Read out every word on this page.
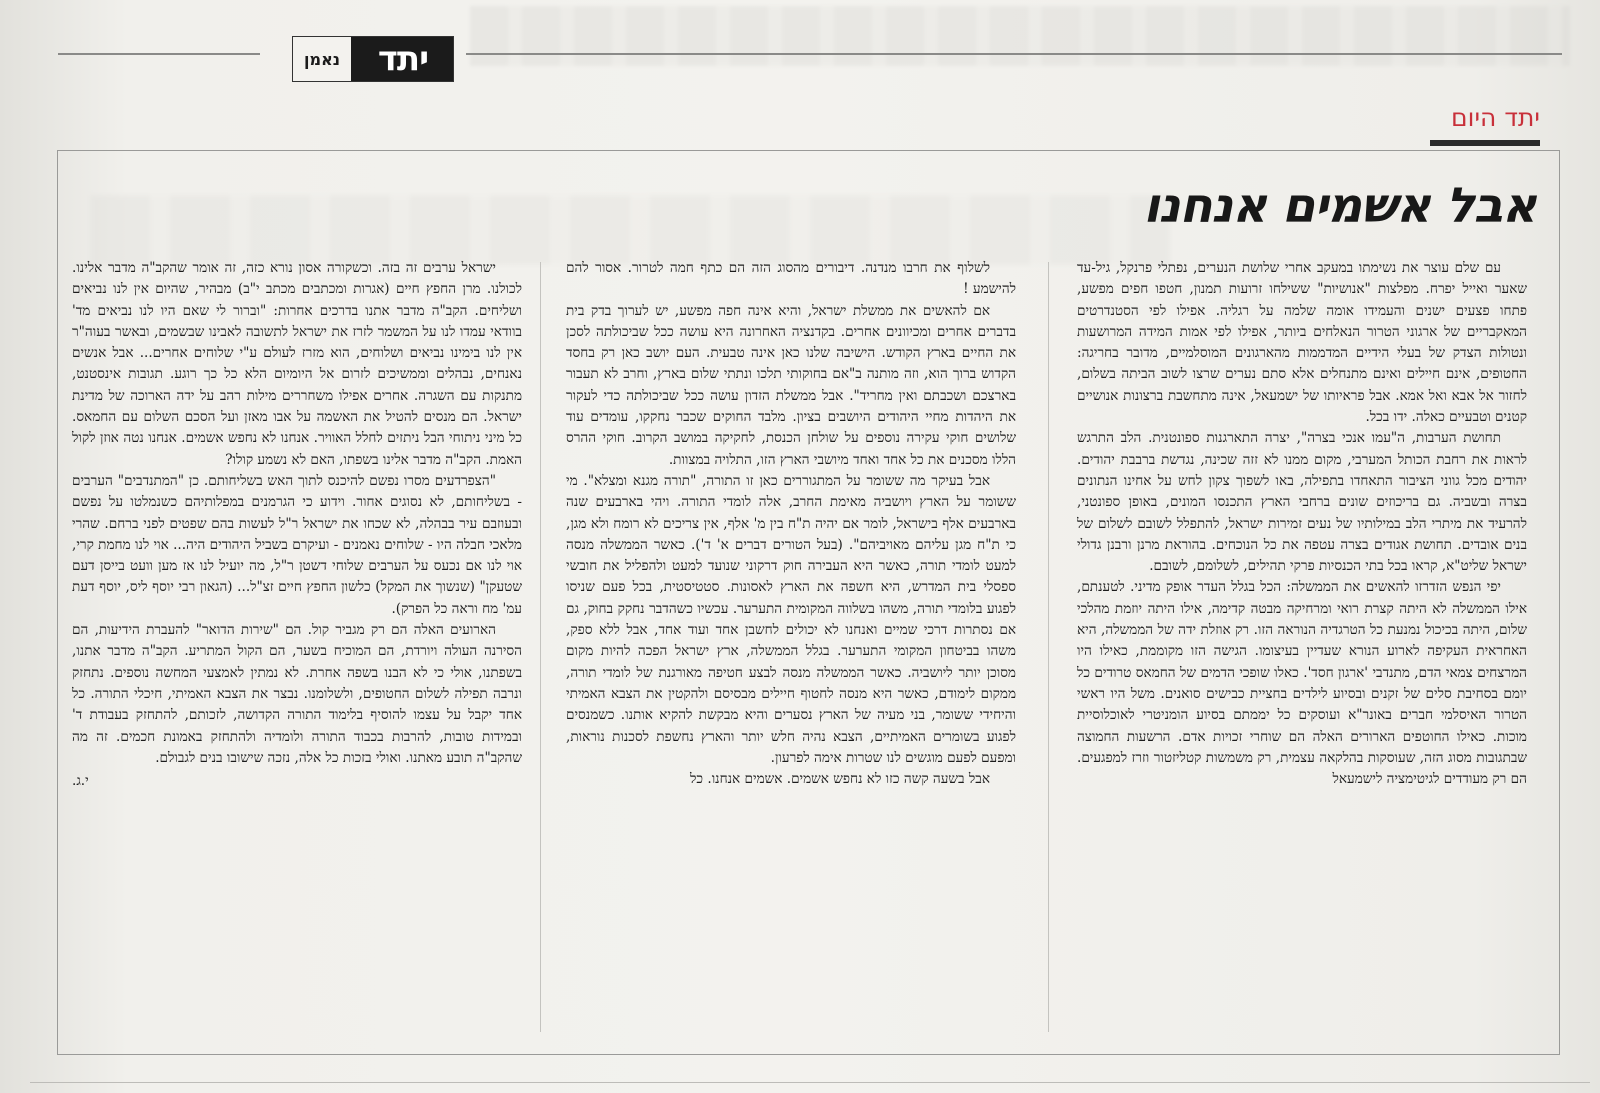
נאמן	יתד
יתד היום
אבל אשמים אנחנו

עם שלם עוצר את נשימתו במעקב אחרי שלושת הנערים, נפתלי פרנקל, גיל-עד שאער ואייל יפרח. מפלצות "אנושיות" ששילחו זרועות תמנון, חטפו חפים מפשע, פתחו פצעים ישנים והעמידו אומה שלמה על רגליה. אפילו לפי הסטנדרטים המאקבריים של ארגוני הטרור הנאלחים ביותר, אפילו לפי אמות המידה המרושעות ונטולות הצדק של בעלי הידיים המדממות מהארגונים המוסלמיים, מדובר בחריגה: החטופים, אינם חיילים ואינם מתנחלים אלא סתם נערים שרצו לשוב הביתה בשלום, לחזור אל אבא ואל אמא. אבל פראיותו של ישמעאל, אינה מתחשבת ברצונות אנושיים קטנים וטבעיים כאלה. ידו בכל.

תחושת הערבות, ה"עמו אנכי בצרה", יצרה התארגנות ספונטנית. הלב התרגש לראות את רחבת הכותל המערבי, מקום ממנו לא זזה שכינה, נגדשת ברבבת יהודים. יהודים מכל גווני הציבור התאחדו בתפילה, באו לשפוך צקון לחש על אחינו הנתונים בצרה ובשביה. גם בריכוזים שונים ברחבי הארץ התכנסו המונים, באופן ספונטני, להרעיד את מיתרי הלב במילותיו של נעים זמירות ישראל, להתפלל לשובם לשלום של בנים אובדים. תחושת אגודים בצרה עטפה את כל הנוכחים. בהוראת מרנן ורבנן גדולי ישראל שליט"א, קראו בכל בתי הכנסיות פרקי תהילים, לשלומם, לשובם.

יפי הנפש הזדרזו להאשים את הממשלה: הכל בגלל העדר אופק מדיני. לטענתם, אילו הממשלה לא היתה קצרת רואי ומרחיקה מבטה קדימה, אילו היתה יוזמת מהלכי שלום, היתה בכיכול נמנעת כל הטרגדיה הנוראה הזו. רק אוזלת ידה של הממשלה, היא האחראית העקיפה לארוע הנורא שעדיין בעיצומו. הגישה הזו מקוממת, כאילו היו המרצחים צמאי הדם, מתנדבי 'ארגון חסד'. כאלו שופכי הדמים של החמאס טרודים כל יומם בסחיבת סלים של זקנים ובסיוע לילדים בחציית כבישים סואנים. משל היו ראשי הטרור האיסלמי חברים באונר"א ועוסקים כל יממתם בסיוע הומניטרי לאוכלוסיית מוכות. כאילו החוטפים הארורים האלה הם שוחרי זכויות אדם. הרשעות החמוצה שבתגובות מסוג הזה, שעוסקות בהלקאה עצמית, רק משמשות קטליזטור וזרז למפגעים. הם רק מעודדים לגיטימציה לישמעאל

לשלוף את חרבו מנדנה. דיבורים מהסוג הזה הם כתף חמה לטרור. אסור להם להישמע !

אם להאשים את ממשלת ישראל, והיא אינה חפה מפשע, יש לערוך בדק בית בדברים אחרים ומכיוונים אחרים. בקדנציה האחרונה היא עושה ככל שביכולתה לסכן את החיים בארץ הקודש. הישיבה שלנו כאן אינה טבעית. העם יושב כאן רק בחסד הקדוש ברוך הוא, וזה מותנה ב"אם בחוקותי תלכו ונתתי שלום בארץ, וחרב לא תעבור בארצכם ושכבתם ואין מחריד". אבל ממשלת הזדון עושה ככל שביכולתה כדי לעקור את היהדות מחיי היהודים היושבים בציון. מלבד החוקים שכבר נחקקו, עומדים עוד שלושים חוקי עקירה נוספים על שולחן הכנסת, לחקיקה במושב הקרוב. חוקי ההרס הללו מסכנים את כל אחד ואחד מיושבי הארץ הזו, התלויה במצוות.

אבל בעיקר מה ששומר על המתגוררים כאן זו התורה, "תורה מגנא ומצלא". מי ששומר על הארץ ויושביה מאימת החרב, אלה לומדי התורה. ויהי בארבעים שנה בארבעים אלף בישראל, לומר אם יהיה ת"ח בין מ' אלף, אין צריכים לא רומח ולא מגן, כי ת"ח מגן עליהם מאויביהם". (בעל הטורים דברים א' ד'). כאשר הממשלה מנסה למעט לומדי תורה, כאשר היא העבירה חוק דרקוני שנועד למעט ולהפליל את חובשי ספסלי בית המדרש, היא חשפה את הארץ לאסונות. סטטיסטית, בכל פעם שניסו לפגוע בלומדי תורה, משהו בשלווה המקומית התערער. עכשיו כשהדבר נחקק בחוק, גם אם נסתרות דרכי שמיים ואנחנו לא יכולים לחשבן אחד ועוד אחד, אבל ללא ספק, משהו בביטחון המקומי התערער. בגלל הממשלה, ארץ ישראל הפכה להיות מקום מסוכן יותר ליושביה. כאשר הממשלה מנסה לבצע חטיפה מאורגנת של לומדי תורה, ממקום לימודם, כאשר היא מנסה לחטוף חיילים מבסיסם ולהקטין את הצבא האמיתי והיחידי ששומר, בני מעיה של הארץ נסערים והיא מבקשת להקיא אותנו. כשמנסים לפגוע בשומרים האמיתיים, הצבא נהיה חלש יותר והארץ נחשפת לסכנות נוראות, ומפעם לפעם מוגשים לנו שטרות אימה לפרעון.

אבל בשעה קשה כזו לא נחפש אשמים. אשמים אנחנו. כל

ישראל ערבים זה בזה. וכשקורה אסון נורא כזה, זה אומר שהקב"ה מדבר אלינו. לכולנו. מרן החפץ חיים (אגרות ומכתבים מכתב י"ב) מבהיר, שהיום אין לנו נביאים ושליחים. הקב"ה מדבר אתנו בדרכים אחרות: "וברור לי שאם היו לנו נביאים מד' בוודאי עמדו לנו על המשמר לזרז את ישראל לתשובה לאבינו שבשמים, ובאשר בעוה"ר אין לנו בימינו נביאים ושלוחים, הוא מזרז לעולם ע"י שלוחים אחרים... אבל אנשים נאנחים, נבהלים וממשיכים לזרום אל היומיום הלא כל כך רוגע. תגובות אינסטנט, מתנקות עם השגרה. אחרים אפילו משחררים מילות רהב על ידה הארוכה של מדינת ישראל. הם מנסים להטיל את האשמה על אבו מאזן ועל הסכם השלום עם החמאס. כל מיני ניתוחי הבל ניתזים לחלל האוויר. אנחנו לא נחפש אשמים. אנחנו נטה אוזן לקול האמת. הקב"ה מדבר אלינו בשפתו, האם לא נשמע קולו?

"הצפרדעים מסרו נפשם להיכנס לתוך האש בשליחותם. כן "המתנדבים" הערבים - בשליחותם, לא נסוגים אחור. וידוע כי הגרמנים במפלותיהם כשנמלטו על נפשם ובעוזבם עיר בבהלה, לא שכחו את ישראל ר"ל לעשות בהם שפטים לפני ברחם. שהרי מלאכי חבלה היו - שלוחים נאמנים - ועיקרם בשביל היהודים היה... אוי לנו מחמת קרי, אוי לנו אם נכעס על הערבים שלוחי דשטן ר"ל, מה יועיל לנו אז מען וועט בייסן דעם שטעקן" (שנשוך את המקל) כלשון החפץ חיים זצ"ל... (הגאון רבי יוסף ליס, יוסף דעת עמ' מח וראה כל הפרק).

הארועים האלה הם רק מגביר קול. הם "שירות הדואר" להעברת הידיעות, הם הסירנה העולה ויורדת, הם המוכיח בשער, הם הקול המתריע. הקב"ה מדבר אתנו, בשפתנו, אולי כי לא הבנו בשפה אחרת. לא נמתין לאמצעי המחשה נוספים. נתחזק ונרבה תפילה לשלום החטופים, ולשלומנו. נבצר את הצבא האמיתי, חיכלי התורה. כל אחד יקבל על עצמו להוסיף בלימוד התורה הקדושה, לזכותם, להתחזק בעבודת ד' ובמידות טובות, להרבות בכבוד התורה ולומדיה ולהתחזק באמונת חכמים. זה מה שהקב"ה תובע מאתנו. ואולי בזכות כל אלה, נזכה שישובו בנים לגבולם.

י.ג.
